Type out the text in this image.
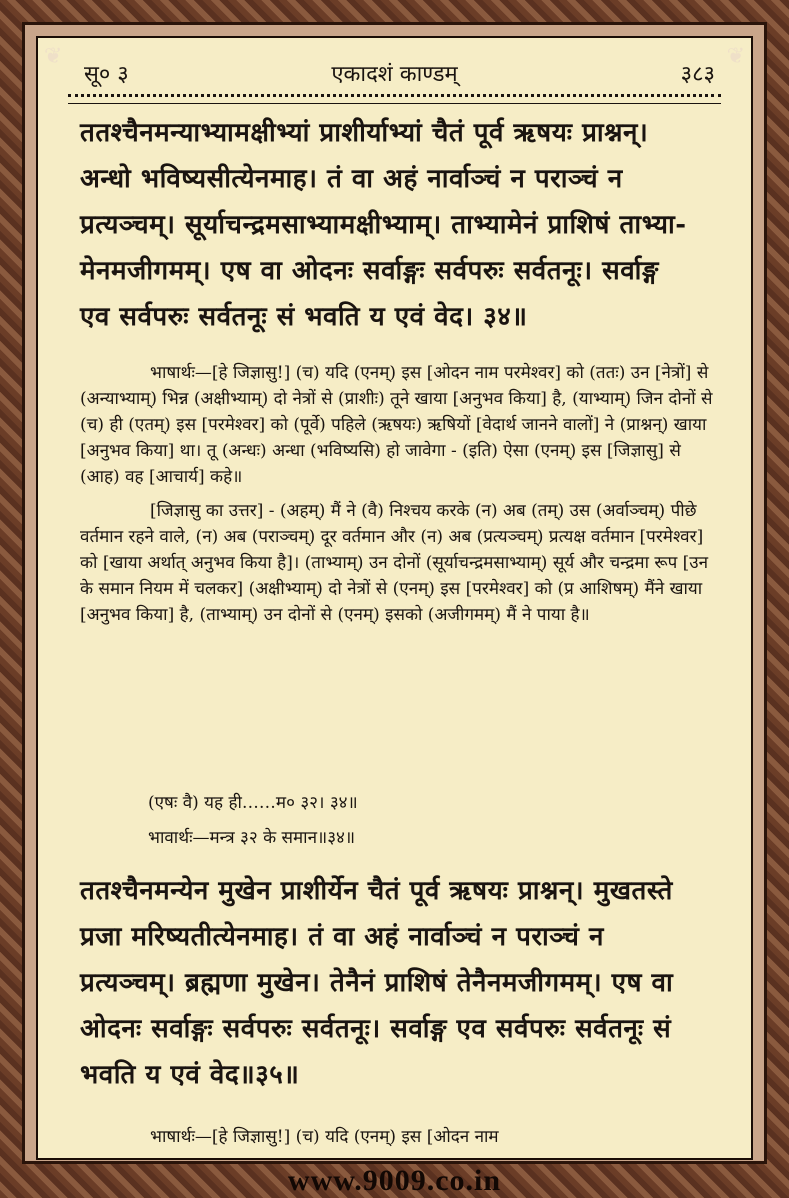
❦	❦
सू० ३	एकादशं काण्डम्	३८३

ततश्चैनमन्याभ्यामक्षीभ्यां प्राशीर्याभ्यां चैतं पूर्व ऋषयः प्राश्नन्।

अन्धो भविष्यसीत्येनमाह। तं वा अहं नार्वाञ्चं न पराञ्चं न

प्रत्यञ्चम्। सूर्याचन्द्रमसाभ्यामक्षीभ्याम्। ताभ्यामेनं प्राशिषं ताभ्या-

मेनमजीगमम्। एष वा ओदनः सर्वाङ्गः सर्वपरुः सर्वतनूः। सर्वाङ्ग

एव सर्वपरुः सर्वतनूः सं भवति य एवं वेद। ३४॥

भाषार्थः—[हे जिज्ञासु!] (च) यदि (एनम्) इस [ओदन नाम परमेश्वर] को (ततः) उन [नेत्रों] से (अन्याभ्याम्) भिन्न (अक्षीभ्याम्) दो नेत्रों से (प्राशीः) तूने खाया [अनुभव किया] है, (याभ्याम्) जिन दोनों से (च) ही (एतम्) इस [परमेश्वर] को (पूर्वे) पहिले (ऋषयः) ऋषियों [वेदार्थ जानने वालों] ने (प्राश्नन्) खाया [अनुभव किया] था। तू (अन्धः) अन्धा (भविष्यसि) हो जावेगा - (इति) ऐसा (एनम्) इस [जिज्ञासु] से (आह) वह [आचार्य] कहे॥

[जिज्ञासु का उत्तर] - (अहम्) मैं ने (वै) निश्चय करके (न) अब (तम्) उस (अर्वाञ्चम्) पीछे वर्तमान रहने वाले, (न) अब (पराञ्चम्) दूर वर्तमान और (न) अब (प्रत्यञ्चम्) प्रत्यक्ष वर्तमान [परमेश्वर] को [खाया अर्थात् अनुभव किया है]। (ताभ्याम्) उन दोनों (सूर्याचन्द्रमसाभ्याम्) सूर्य और चन्द्रमा रूप [उन के समान नियम में चलकर] (अक्षीभ्याम्) दो नेत्रों से (एनम्) इस [परमेश्वर] को (प्र आशिषम्) मैंने खाया [अनुभव किया] है, (ताभ्याम्) उन दोनों से (एनम्) इसको (अजीगमम्) मैं ने पाया है॥

(एषः वै) यह ही……म० ३२। ३४॥
भावार्थः—मन्त्र ३२ के समान॥३४॥

ततश्चैनमन्येन मुखेन प्राशीर्येन चैतं पूर्व ऋषयः प्राश्नन्। मुखतस्ते

प्रजा मरिष्यतीत्येनमाह। तं वा अहं नार्वाञ्चं न पराञ्चं न

प्रत्यञ्चम्। ब्रह्मणा मुखेन। तेनैनं प्राशिषं तेनैनमजीगमम्। एष वा

ओदनः सर्वाङ्गः सर्वपरुः सर्वतनूः। सर्वाङ्ग एव सर्वपरुः सर्वतनूः सं

भवति य एवं वेद॥३५॥

भाषार्थः—[हे जिज्ञासु!] (च) यदि (एनम्) इस [ओदन नाम

www.9009.co.in
